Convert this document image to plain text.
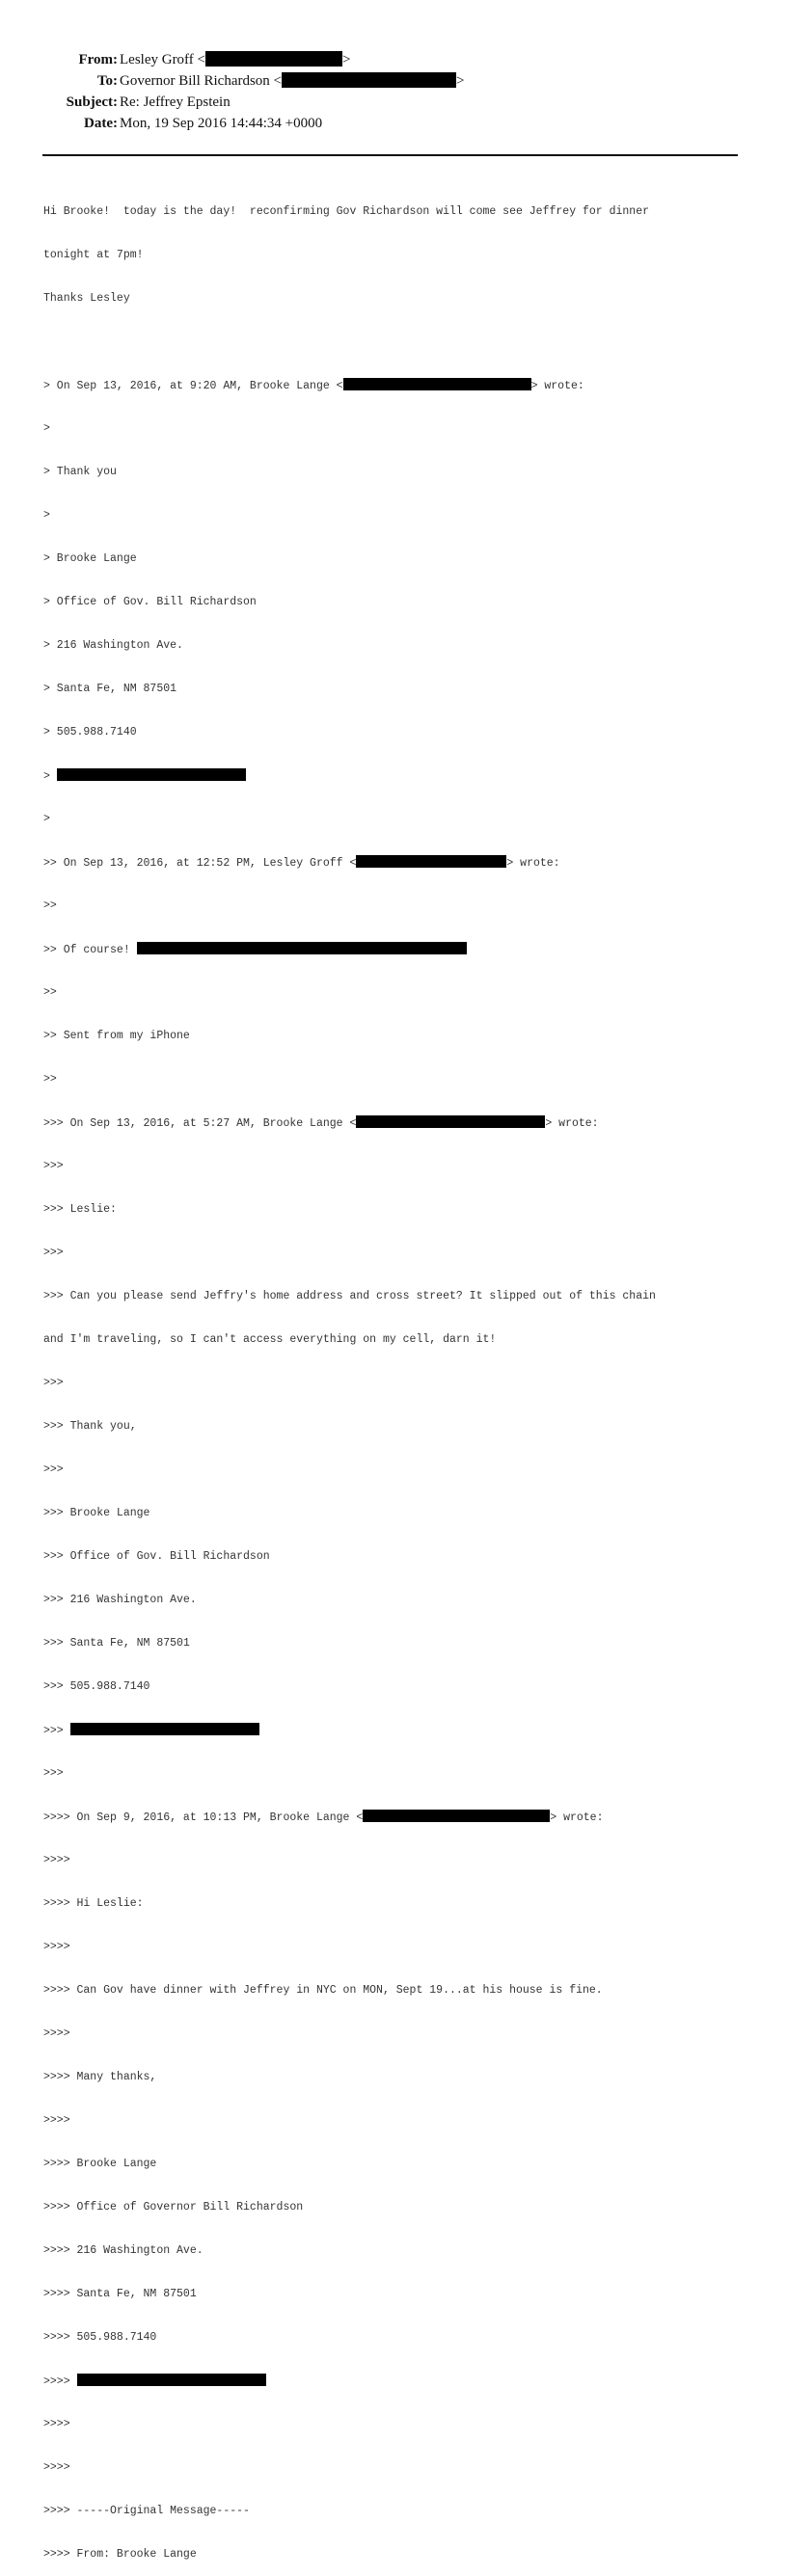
From: Lesley Groff <	>
To: Governor Bill Richardson <	>
Subject: Re: Jeffrey Epstein
Date: Mon, 19 Sep 2016 14:44:34 +0000

Hi Brooke!  today is the day!  reconfirming Gov Richardson will come see Jeffrey for dinner

tonight at 7pm!

Thanks Lesley

> On Sep 13, 2016, at 9:20 AM, Brooke Lange <	> wrote:

>

> Thank you

>

> Brooke Lange

> Office of Gov. Bill Richardson

> 216 Washington Ave.

> Santa Fe, NM 87501

> 505.988.7140

>

>

>> On Sep 13, 2016, at 12:52 PM, Lesley Groff <	> wrote:

>>

>> Of course!

>>

>> Sent from my iPhone

>>

>>> On Sep 13, 2016, at 5:27 AM, Brooke Lange <	> wrote:

>>>

>>> Leslie:

>>>

>>> Can you please send Jeffry's home address and cross street? It slipped out of this chain

and I'm traveling, so I can't access everything on my cell, darn it!

>>>

>>> Thank you,

>>>

>>> Brooke Lange

>>> Office of Gov. Bill Richardson

>>> 216 Washington Ave.

>>> Santa Fe, NM 87501

>>> 505.988.7140

>>>

>>>

>>>> On Sep 9, 2016, at 10:13 PM, Brooke Lange <	> wrote:

>>>>

>>>> Hi Leslie:

>>>>

>>>> Can Gov have dinner with Jeffrey in NYC on MON, Sept 19...at his house is fine.

>>>>

>>>> Many thanks,

>>>>

>>>> Brooke Lange

>>>> Office of Governor Bill Richardson

>>>> 216 Washington Ave.

>>>> Santa Fe, NM 87501

>>>> 505.988.7140

>>>>

>>>>

>>>>

>>>> -----Original Message-----

>>>> From: Brooke Lange
